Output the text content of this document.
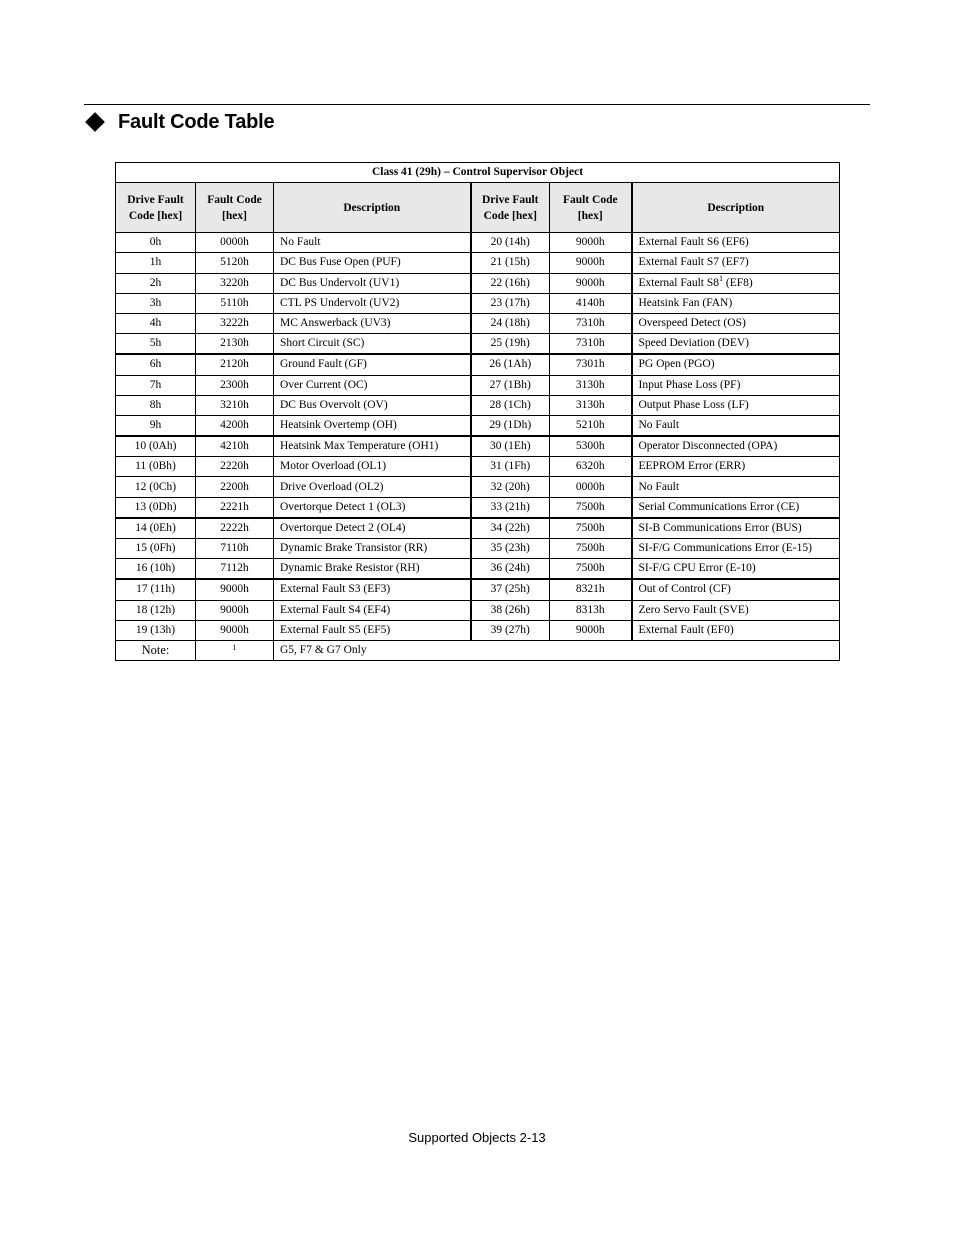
Fault Code Table
Class 41 (29h) – Control Supervisor Object					
Drive Fault Code [hex]	Fault Code [hex]	Description	Drive Fault Code [hex]	Fault Code [hex]	Description
0h	0000h	No Fault	20 (14h)	9000h	External Fault S6 (EF6)
1h	5120h	DC Bus Fuse Open (PUF)	21 (15h)	9000h	External Fault S7 (EF7)
2h	3220h	DC Bus Undervolt (UV1)	22 (16h)	9000h	External Fault $S8^1$ (EF8)
3h	5110h	CTL PS Undervolt (UV2)	23 (17h)	4140h	Heatsink Fan (FAN)
4h	3222h	MC Answerback (UV3)	24 (18h)	7310h	Overspeed Detect (OS)
5h	2130h	Short Circuit (SC)	25 (19h)	7310h	Speed Deviation (DEV)
6h	2120h	Ground Fault (GF)	26 (1Ah)	7301h	PG Open (PGO)
7h	2300h	Over Current (OC)	27 (1Bh)	3130h	Input Phase Loss (PF)
8h	3210h	DC Bus Overvolt (OV)	28 (1Ch)	3130h	Output Phase Loss (LF)
9h	4200h	Heatsink Overtemp (OH)	29 (1Dh)	5210h	No Fault
10 (0Ah)	4210h	Heatsink Max Temperature (OH1)	30 (1Eh)	5300h	Operator Disconnected (OPA)
11 (0Bh)	2220h	Motor Overload (OL1)	31 (1Fh)	6320h	EEPROM Error (ERR)
12 (0Ch)	2200h	Drive Overload (OL2)	32 (20h)	0000h	No Fault
13 (0Dh)	2221h	Overtorque Detect 1 (OL3)	33 (21h)	7500h	Serial Communications Error (CE)
14 (0Eh)	2222h	Overtorque Detect 2 (OL4)	34 (22h)	7500h	SI-B Communications Error (BUS)
15 (0Fh)	7110h	Dynamic Brake Transistor (RR)	35 (23h)	7500h	SI-F/G Communications Error (E-15)
16 (10h)	7112h	Dynamic Brake Resistor (RH)	36 (24h)	7500h	SI-F/G CPU Error (E-10)
17 (11h)	9000h	External Fault S3 (EF3)	37 (25h)	8321h	Out of Control (CF)
18 (12h)	9000h	External Fault S4 (EF4)	38 (26h)	8313h	Zero Servo Fault (SVE)
19 (13h)	9000h	External Fault S5 (EF5)	39 (27h)	9000h	External Fault (EF0)
Note:	1	G5, F7 & G7 Only			
Supported Objects 2-13
